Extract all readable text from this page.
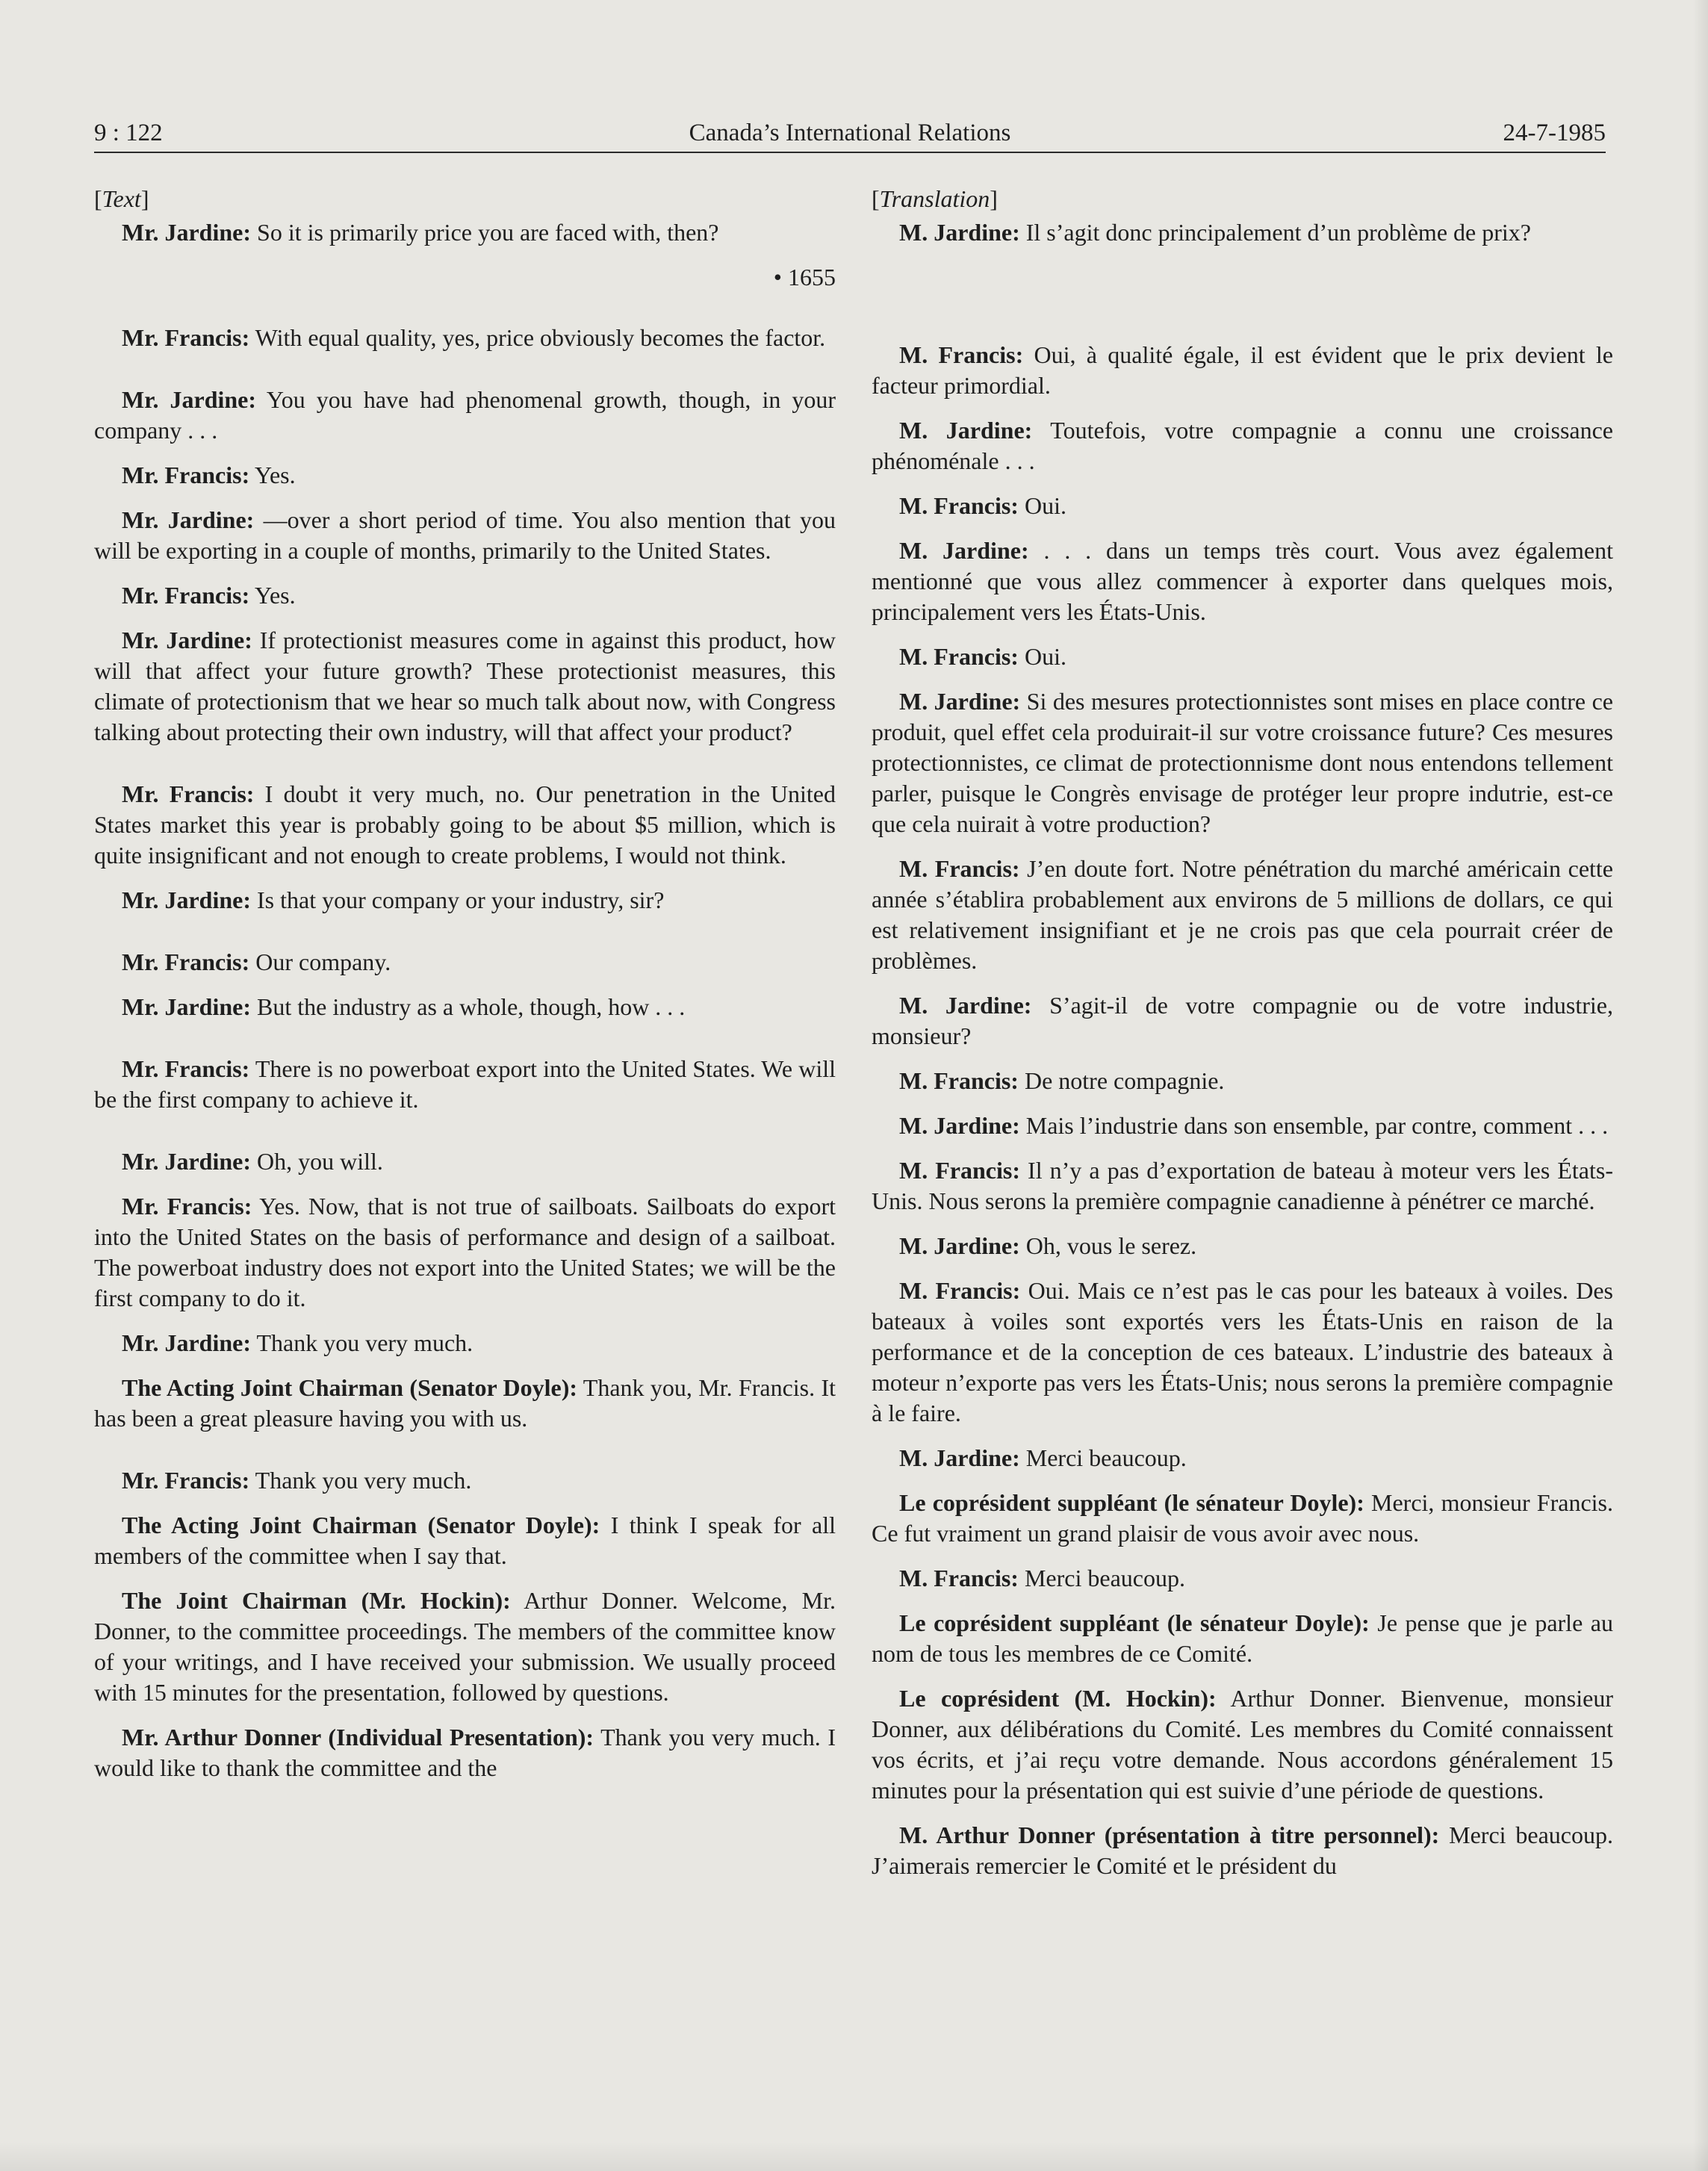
9 : 122	Canada’s International Relations	24-7-1985

[Text]

Mr. Jardine: So it is primarily price you are faced with, then?

• 1655

Mr. Francis: With equal quality, yes, price obviously becomes the factor.

Mr. Jardine: You you have had phenomenal growth, though, in your company . . .

Mr. Francis: Yes.

Mr. Jardine: —over a short period of time. You also mention that you will be exporting in a couple of months, primarily to the United States.

Mr. Francis: Yes.

Mr. Jardine: If protectionist measures come in against this product, how will that affect your future growth? These protectionist measures, this climate of protectionism that we hear so much talk about now, with Congress talking about protecting their own industry, will that affect your product?

Mr. Francis: I doubt it very much, no. Our penetration in the United States market this year is probably going to be about $5 million, which is quite insignificant and not enough to create problems, I would not think.

Mr. Jardine: Is that your company or your industry, sir?

Mr. Francis: Our company.

Mr. Jardine: But the industry as a whole, though, how . . .

Mr. Francis: There is no powerboat export into the United States. We will be the first company to achieve it.

Mr. Jardine: Oh, you will.

Mr. Francis: Yes. Now, that is not true of sailboats. Sailboats do export into the United States on the basis of performance and design of a sailboat. The powerboat industry does not export into the United States; we will be the first company to do it.

Mr. Jardine: Thank you very much.

The Acting Joint Chairman (Senator Doyle): Thank you, Mr. Francis. It has been a great pleasure having you with us.

Mr. Francis: Thank you very much.

The Acting Joint Chairman (Senator Doyle): I think I speak for all members of the committee when I say that.

The Joint Chairman (Mr. Hockin): Arthur Donner. Welcome, Mr. Donner, to the committee proceedings. The members of the committee know of your writings, and I have received your submission. We usually proceed with 15 minutes for the presentation, followed by questions.

Mr. Arthur Donner (Individual Presentation): Thank you very much. I would like to thank the committee and the

[Translation]

M. Jardine: Il s’agit donc principalement d’un problème de prix?

M. Francis: Oui, à qualité égale, il est évident que le prix devient le facteur primordial.

M. Jardine: Toutefois, votre compagnie a connu une croissance phénoménale . . .

M. Francis: Oui.

M. Jardine: . . . dans un temps très court. Vous avez également mentionné que vous allez commencer à exporter dans quelques mois, principalement vers les États-Unis.

M. Francis: Oui.

M. Jardine: Si des mesures protectionnistes sont mises en place contre ce produit, quel effet cela produirait-il sur votre croissance future? Ces mesures protectionnistes, ce climat de protectionnisme dont nous entendons tellement parler, puisque le Congrès envisage de protéger leur propre indutrie, est-ce que cela nuirait à votre production?

M. Francis: J’en doute fort. Notre pénétration du marché américain cette année s’établira probablement aux environs de 5 millions de dollars, ce qui est relativement insignifiant et je ne crois pas que cela pourrait créer de problèmes.

M. Jardine: S’agit-il de votre compagnie ou de votre industrie, monsieur?

M. Francis: De notre compagnie.

M. Jardine: Mais l’industrie dans son ensemble, par contre, comment . . .

M. Francis: Il n’y a pas d’exportation de bateau à moteur vers les États-Unis. Nous serons la première compagnie canadienne à pénétrer ce marché.

M. Jardine: Oh, vous le serez.

M. Francis: Oui. Mais ce n’est pas le cas pour les bateaux à voiles. Des bateaux à voiles sont exportés vers les États-Unis en raison de la performance et de la conception de ces bateaux. L’industrie des bateaux à moteur n’exporte pas vers les États-Unis; nous serons la première compagnie à le faire.

M. Jardine: Merci beaucoup.

Le coprésident suppléant (le sénateur Doyle): Merci, monsieur Francis. Ce fut vraiment un grand plaisir de vous avoir avec nous.

M. Francis: Merci beaucoup.

Le coprésident suppléant (le sénateur Doyle): Je pense que je parle au nom de tous les membres de ce Comité.

Le coprésident (M. Hockin): Arthur Donner. Bienvenue, monsieur Donner, aux délibérations du Comité. Les membres du Comité connaissent vos écrits, et j’ai reçu votre demande. Nous accordons généralement 15 minutes pour la présentation qui est suivie d’une période de questions.

M. Arthur Donner (présentation à titre personnel): Merci beaucoup. J’aimerais remercier le Comité et le président du
